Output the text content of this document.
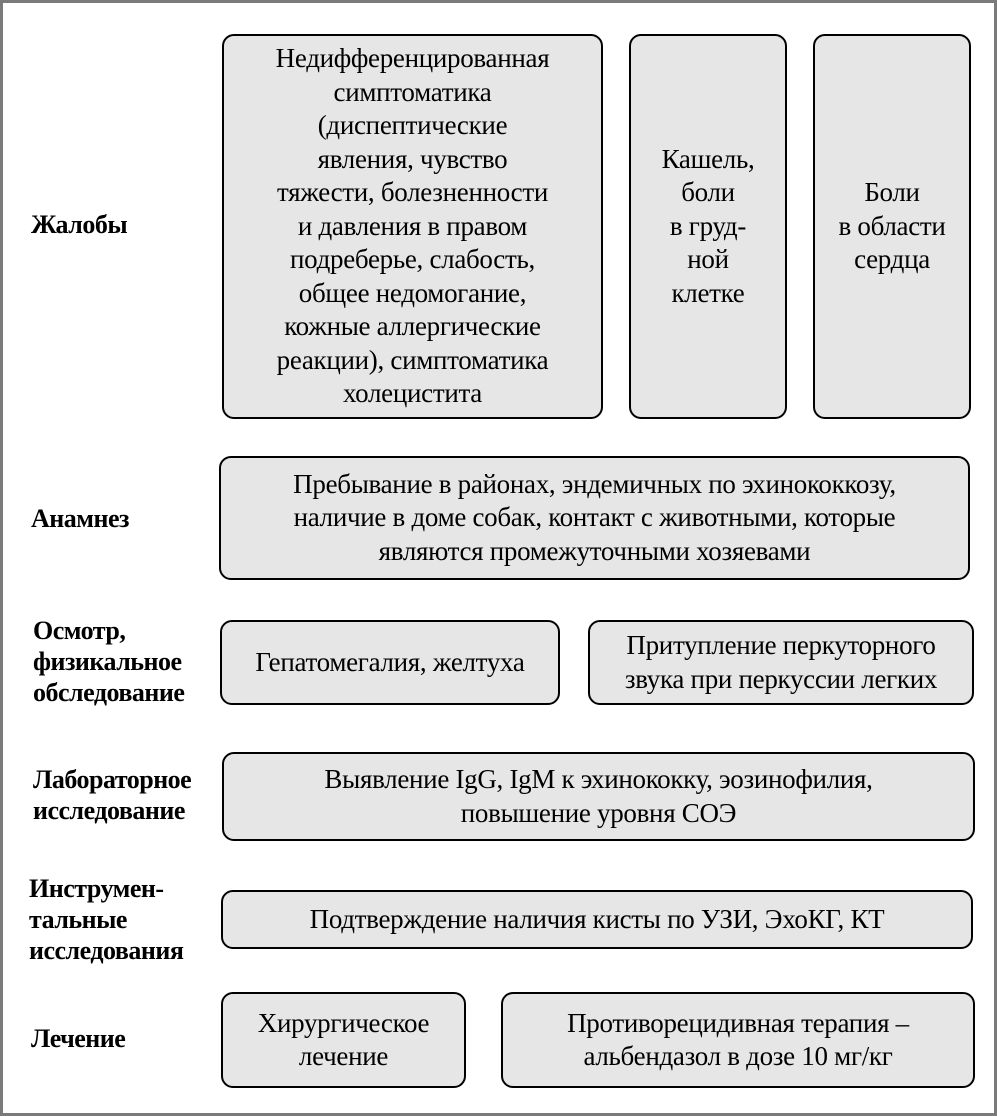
Жалобы
Недифференцированная
симптоматика
(диспептические
явления, чувство
тяжести, болезненности
и давления в правом
подреберье, слабость,
общее недомогание,
кожные аллергические
реакции), симптоматика
холецистита
Кашель,
боли
в груд-
ной
клетке
Боли
в области
сердца
Анамнез
Пребывание в районах, эндемичных по эхинококкозу,
наличие в доме собак, контакт с животными, которые
являются промежуточными хозяевами
Осмотр,
физикальное
обследование
Гепатомегалия, желтуха
Притупление перкуторного
звука при перкуссии легких
Лабораторное
исследование
Выявление IgG, IgM к эхинококку, эозинофилия,
повышение уровня СОЭ
Инструмен-
тальные
исследования
Подтверждение наличия кисты по УЗИ, ЭхоКГ, КТ
Лечение
Хирургическое
лечение
Противорецидивная терапия –
альбендазол в дозе 10 мг/кг
